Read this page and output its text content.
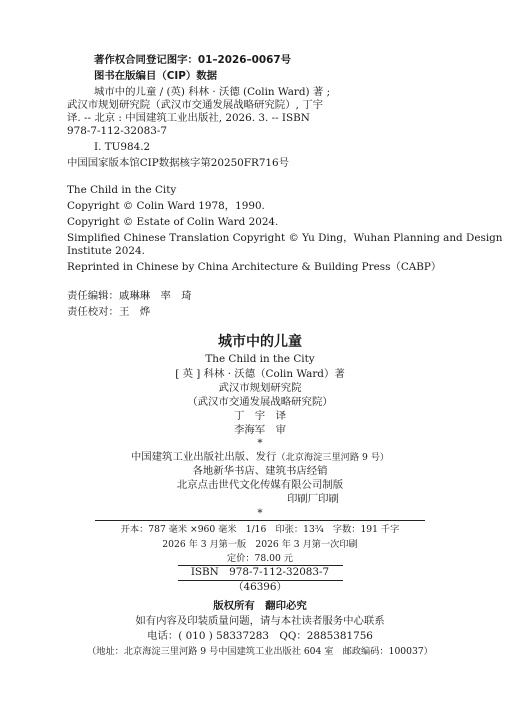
著作权合同登记图字：01–2026–0067号
图书在版编目（CIP）数据
城市中的儿童 / (英) 科林 · 沃德 (Colin Ward) 著 ;
武汉市规划研究院（武汉市交通发展战略研究院）, 丁宇
译. -- 北京 : 中国建筑工业出版社, 2026. 3. -- ISBN
978-7-112-32083-7
Ⅰ. TU984.2
中国国家版本馆CIP数据核字第20250FR716号
The Child in the City
Copyright © Colin Ward 1978，1990.
Copyright © Estate of Colin Ward 2024.
Simplified Chinese Translation Copyright © Yu Ding，Wuhan Planning and Design
Institute 2024.
Reprinted in Chinese by China Architecture & Building Press（CABP）
责任编辑：戚琳琳　率　琦
责任校对：王　烨
城市中的儿童
The Child in the City
[ 英 ] 科林 · 沃德（Colin Ward）著
武汉市规划研究院
（武汉市交通发展战略研究院）
丁　宇　译
李海军　审
*
中国建筑工业出版社出版、发行（北京海淀三里河路 9 号）
各地新华书店、建筑书店经销
北京点击世代文化传媒有限公司制版
印刷厂印刷
*
开本：787 毫米 ×960 毫米　1/16　印张：13¾　字数：191 千字
2026 年 3 月第一版　2026 年 3 月第一次印刷
定价：78.00 元
ISBN　978-7-112-32083-7
（46396）
版权所有　翻印必究
如有内容及印装质量问题，请与本社读者服务中心联系
电话：( 010 ) 58337283　QQ：2885381756
（地址：北京海淀三里河路 9 号中国建筑工业出版社 604 室　邮政编码：100037）
